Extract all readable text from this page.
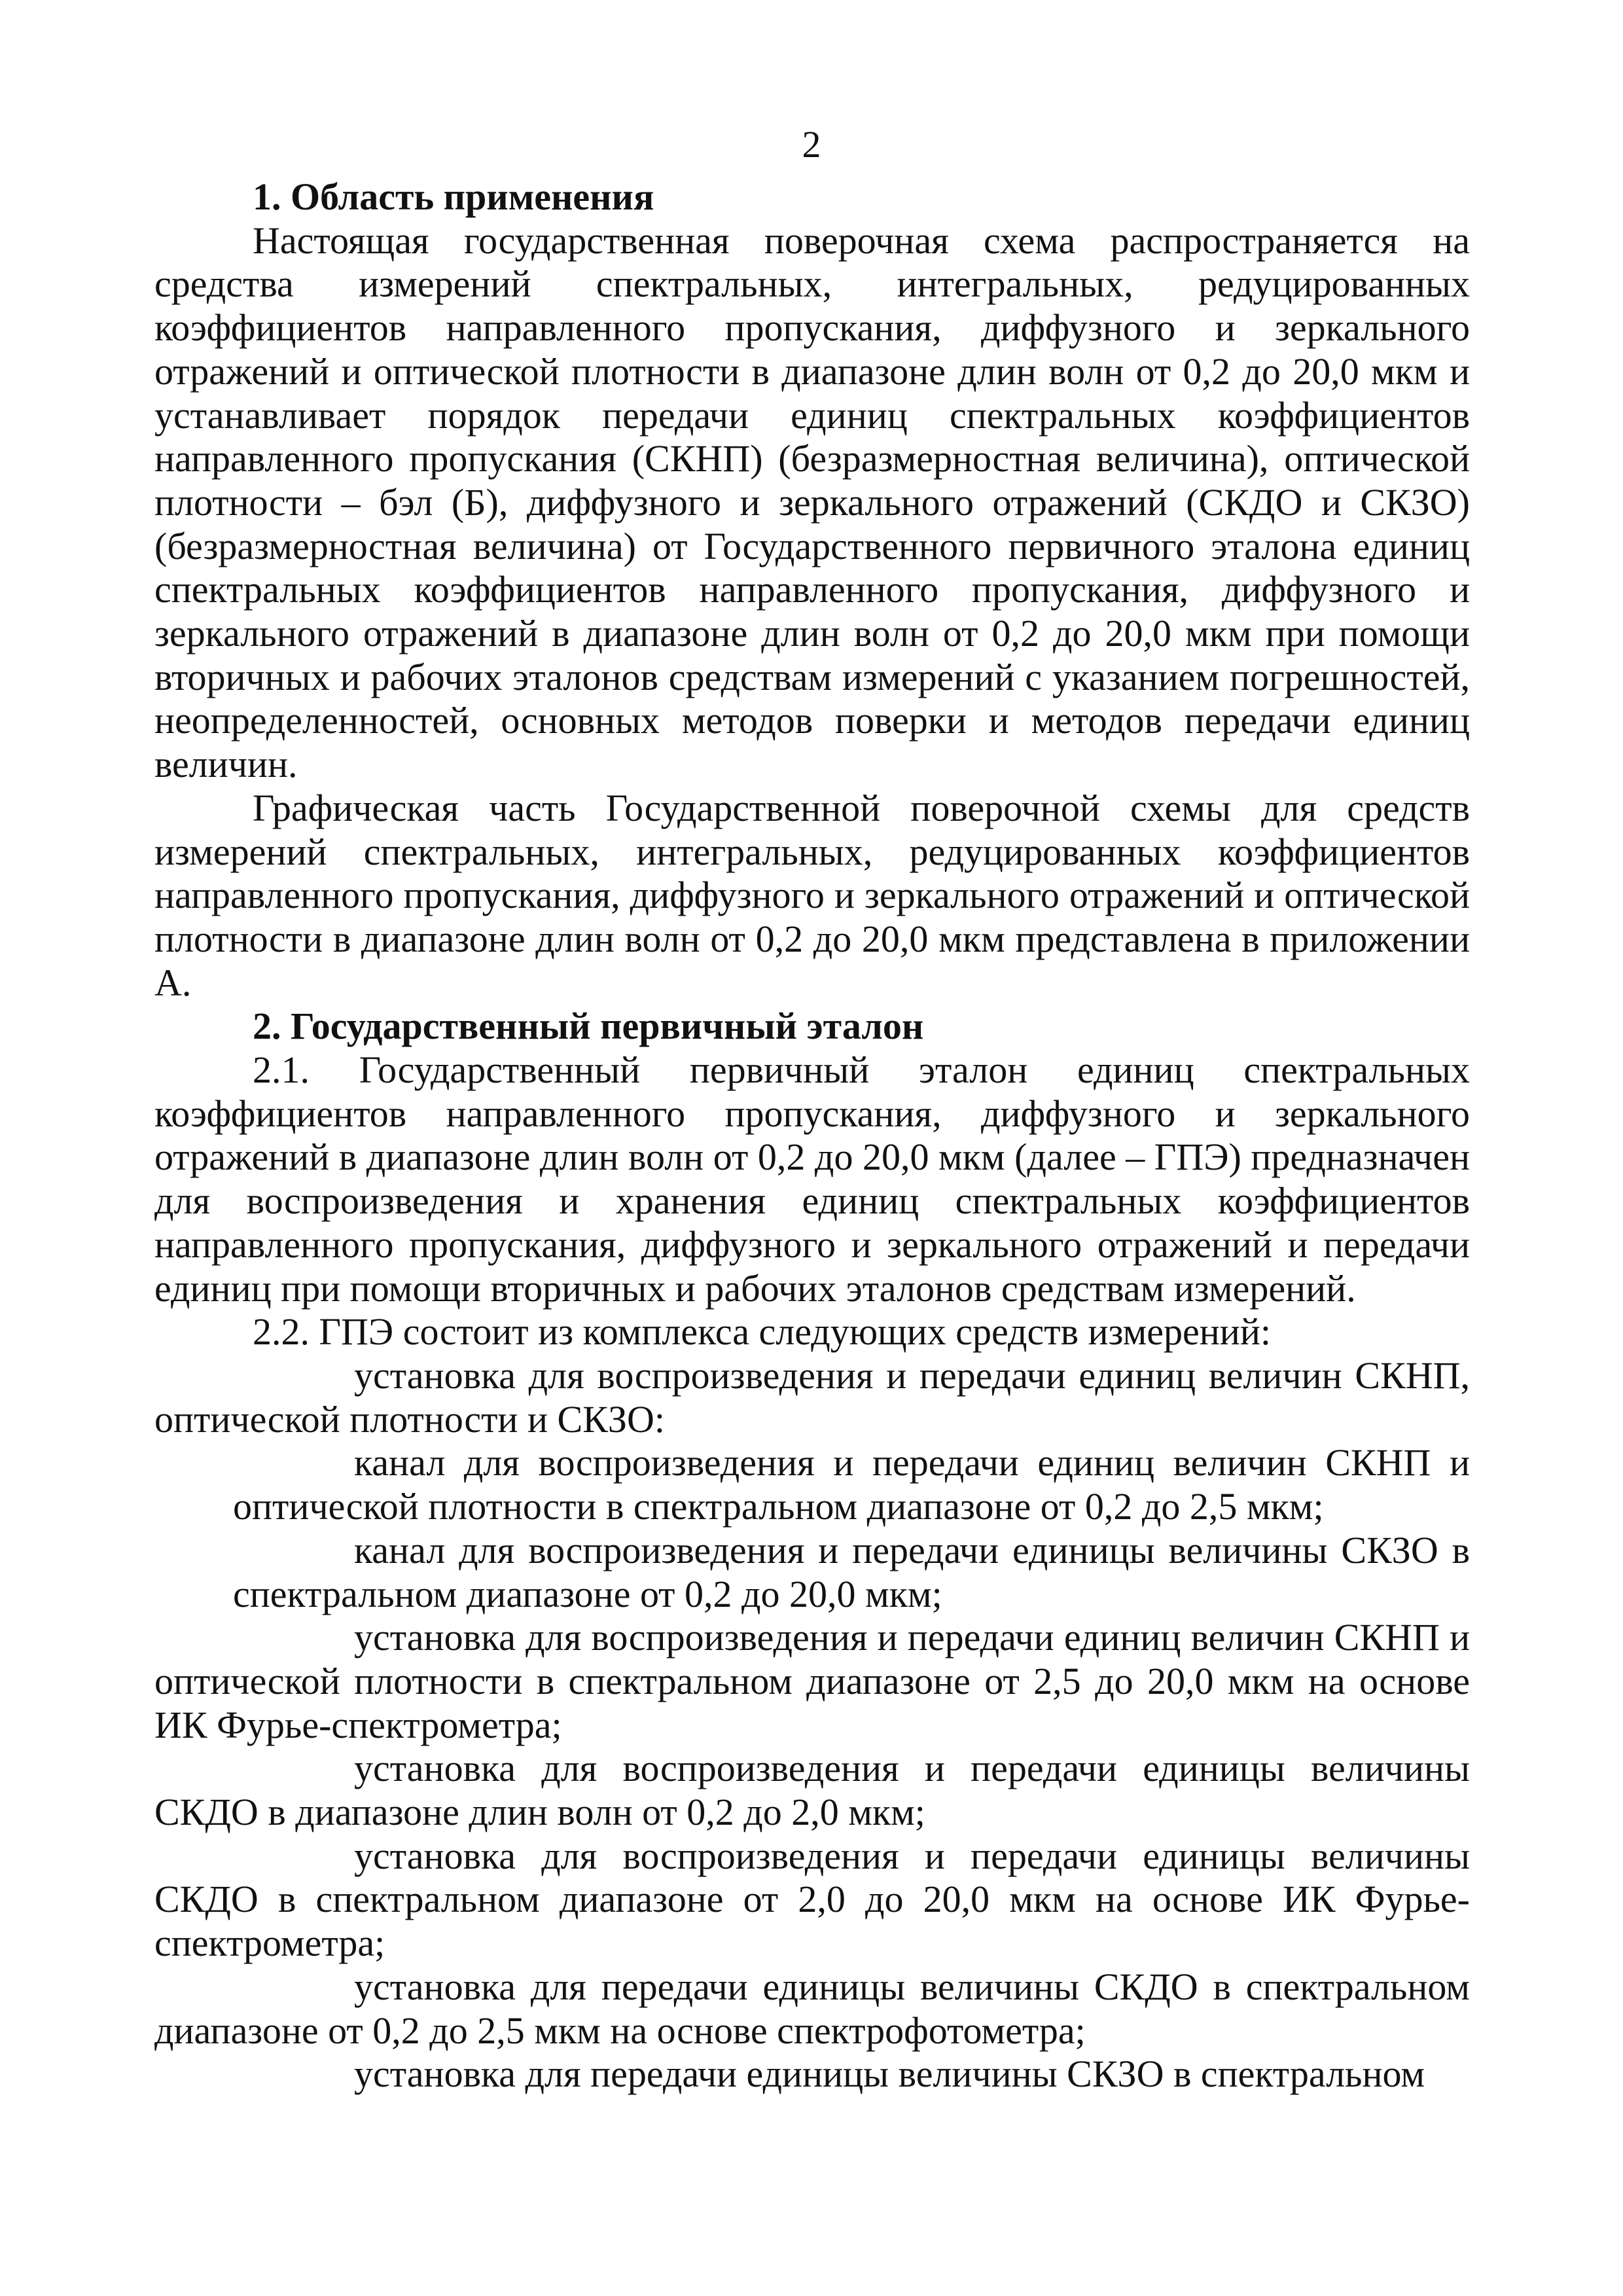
2

1. Область применения

Настоящая государственная поверочная схема распространяется на средства измерений спектральных, интегральных, редуцированных коэффициентов направленного пропускания, диффузного и зеркального отражений и оптической плотности в диапазоне длин волн от 0,2 до 20,0 мкм и устанавливает порядок передачи единиц спектральных коэффициентов направленного пропускания (СКНП) (безразмерностная величина), оптической плотности – бэл (Б), диффузного и зеркального отражений (СКДО и СКЗО) (безразмерностная величина) от Государственного первичного эталона единиц спектральных коэффициентов направленного пропускания, диффузного и зеркального отражений в диапазоне длин волн от 0,2 до 20,0 мкм при помощи вторичных и рабочих эталонов средствам измерений с указанием погрешностей, неопределенностей, основных методов поверки и методов передачи единиц величин.

Графическая часть Государственной поверочной схемы для средств измерений спектральных, интегральных, редуцированных коэффициентов направленного пропускания, диффузного и зеркального отражений и оптической плотности в диапазоне длин волн от 0,2 до 20,0 мкм представлена в приложении А.

2. Государственный первичный эталон

2.1. Государственный первичный эталон единиц спектральных коэффициентов направленного пропускания, диффузного и зеркального отражений в диапазоне длин волн от 0,2 до 20,0 мкм (далее – ГПЭ) предназначен для воспроизведения и хранения единиц спектральных коэффициентов направленного пропускания, диффузного и зеркального отражений и передачи единиц при помощи вторичных и рабочих эталонов средствам измерений.

2.2. ГПЭ состоит из комплекса следующих средств измерений:

установка для воспроизведения и передачи единиц величин СКНП, оптической плотности и СКЗО:

канал для воспроизведения и передачи единиц величин СКНП и оптической плотности в спектральном диапазоне от 0,2 до 2,5 мкм;

канал для воспроизведения и передачи единицы величины СКЗО в спектральном диапазоне от 0,2 до 20,0 мкм;

установка для воспроизведения и передачи единиц величин СКНП и оптической плотности в спектральном диапазоне от 2,5 до 20,0 мкм на основе ИК Фурье-спектрометра;

установка для воспроизведения и передачи единицы величины СКДО в диапазоне длин волн от 0,2 до 2,0 мкм;

установка для воспроизведения и передачи единицы величины СКДО в спектральном диапазоне от 2,0 до 20,0 мкм на основе ИК Фурье-спектрометра;

установка для передачи единицы величины СКДО в спектральном диапазоне от 0,2 до 2,5 мкм на основе спектрофотометра;

установка для передачи единицы величины СКЗО в спектральном
